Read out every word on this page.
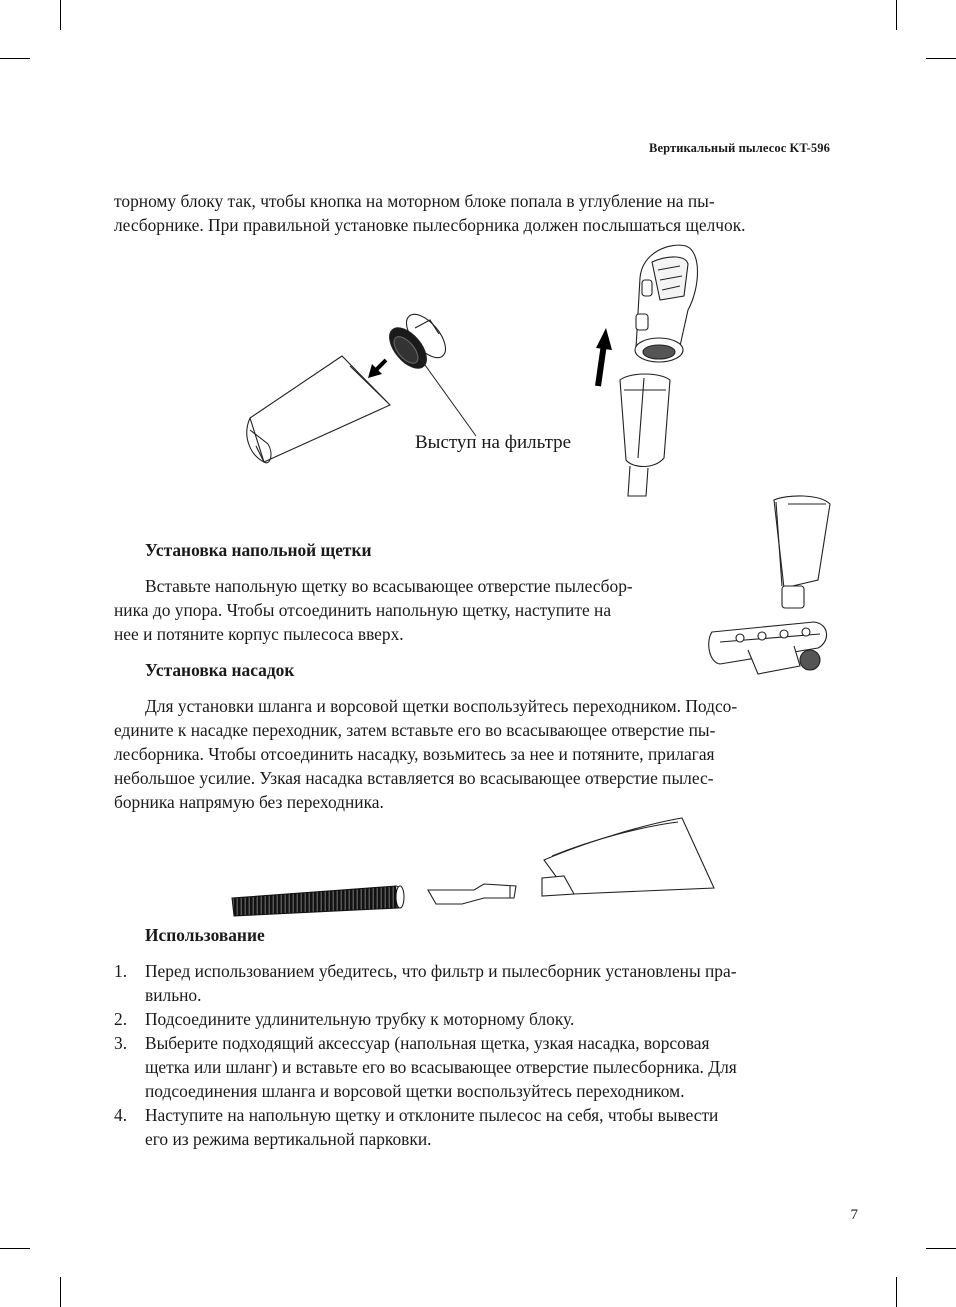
Вертикальный пылесос KT-596
торному блоку так, чтобы кнопка на моторном блоке попала в углубление на пы-
лесборнике. При правильной установке пылесборника должен послышаться щелчок.
Выступ на фильтре
Установка напольной щетки
Вставьте напольную щетку во всасывающее отверстие пылесбор-
ника до упора. Чтобы отсоединить напольную щетку, наступите на
нее и потяните корпус пылесоса вверх.
Установка насадок
Для установки шланга и ворсовой щетки воспользуйтесь переходником. Подсо-
едините к насадке переходник, затем вставьте его во всасывающее отверстие пы-
лесборника. Чтобы отсоединить насадку, возьмитесь за нее и потяните, прилагая
небольшое усилие. Узкая насадка вставляется во всасывающее отверстие пылес-
борника напрямую без переходника.
Использование
1. Перед использованием убедитесь, что фильтр и пылесборник установлены пра-
вильно.
2. Подсоедините удлинительную трубку к моторному блоку.
3. Выберите подходящий аксессуар (напольная щетка, узкая насадка, ворсовая
щетка или шланг) и вставьте его во всасывающее отверстие пылесборника. Для
подсоединения шланга и ворсовой щетки воспользуйтесь переходником.
4. Наступите на напольную щетку и отклоните пылесос на себя, чтобы вывести
его из режима вертикальной парковки.
7
